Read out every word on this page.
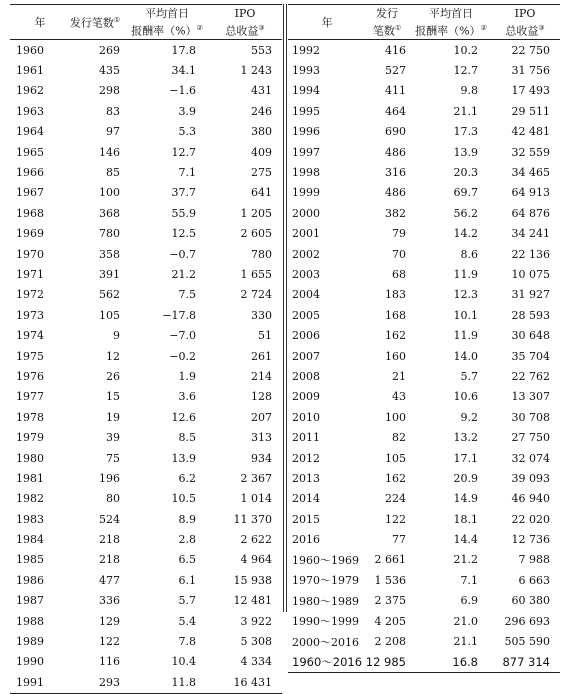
年	发行笔数①	平均首日
报酬率（%）②	IPO
总收益③
1960	269	17.8	553
1961	435	34.1	1 243
1962	298	−1.6	431
1963	83	3.9	246
1964	97	5.3	380
1965	146	12.7	409
1966	85	7.1	275
1967	100	37.7	641
1968	368	55.9	1 205
1969	780	12.5	2 605
1970	358	−0.7	780
1971	391	21.2	1 655
1972	562	7.5	2 724
1973	105	−17.8	330
1974	9	−7.0	51
1975	12	−0.2	261
1976	26	1.9	214
1977	15	3.6	128
1978	19	12.6	207
1979	39	8.5	313
1980	75	13.9	934
1981	196	6.2	2 367
1982	80	10.5	1 014
1983	524	8.9	11 370
1984	218	2.8	2 622
1985	218	6.5	4 964
1986	477	6.1	15 938
1987	336	5.7	12 481
1988	129	5.4	3 922
1989	122	7.8	5 308
1990	116	10.4	4 334
1991	293	11.8	16 431
年	发行
笔数①	平均首日
报酬率（%）②	IPO
总收益③
1992	416	10.2	22 750
1993	527	12.7	31 756
1994	411	9.8	17 493
1995	464	21.1	29 511
1996	690	17.3	42 481
1997	486	13.9	32 559
1998	316	20.3	34 465
1999	486	69.7	64 913
2000	382	56.2	64 876
2001	79	14.2	34 241
2002	70	8.6	22 136
2003	68	11.9	10 075
2004	183	12.3	31 927
2005	168	10.1	28 593
2006	162	11.9	30 648
2007	160	14.0	35 704
2008	21	5.7	22 762
2009	43	10.6	13 307
2010	100	9.2	30 708
2011	82	13.2	27 750
2012	105	17.1	32 074
2013	162	20.9	39 093
2014	224	14.9	46 940
2015	122	18.1	22 020
2016	77	14.4	12 736
1960～1969	2 661	21.2	7 988
1970～1979	1 536	7.1	6 663
1980～1989	2 375	6.9	60 380
1990～1999	4 205	21.0	296 693
2000～2016	2 208	21.1	505 590
1960～2016	12 985	16.8	877 314
